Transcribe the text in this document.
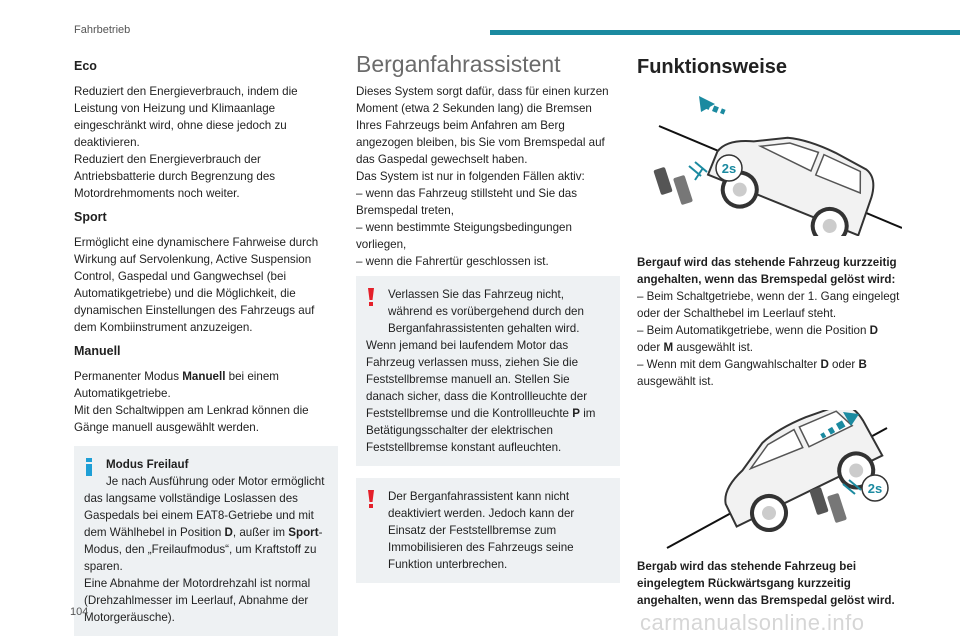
Fahrbetrieb
Eco

Reduziert den Energieverbrauch, indem die Leistung von Heizung und Klimaanlage eingeschränkt wird, ohne diese jedoch zu deaktivieren.

Reduziert den Energieverbrauch der Antriebsbatterie durch Begrenzung des Motordrehmoments noch weiter.

Sport

Ermöglicht eine dynamischere Fahrweise durch Wirkung auf Servolenkung, Active Suspension Control, Gaspedal und Gangwechsel (bei Automatikgetriebe) und die Möglichkeit, die dynamischen Einstellungen des Fahrzeugs auf dem Kombiinstrument anzuzeigen.

Manuell

Permanenter Modus Manuell bei einem Automatikgetriebe.

Mit den Schaltwippen am Lenkrad können die Gänge manuell ausgewählt werden.

Modus Freilauf
Je nach Ausführung oder Motor ermöglicht das langsame vollständige Loslassen des Gaspedals bei einem EAT8-Getriebe und mit dem Wählhebel in Position D, außer im Sport-Modus, den „Freilaufmodus“, um Kraftstoff zu sparen.
Eine Abnahme der Motordrehzahl ist normal (Drehzahlmesser im Leerlauf, Abnahme der Motorgeräusche).
Berganfahrassistent

Dieses System sorgt dafür, dass für einen kurzen Moment (etwa 2 Sekunden lang) die Bremsen Ihres Fahrzeugs beim Anfahren am Berg angezogen bleiben, bis Sie vom Bremspedal auf das Gaspedal gewechselt haben.

Das System ist nur in folgenden Fällen aktiv:

– wenn das Fahrzeug stillsteht und Sie das Bremspedal treten,
– wenn bestimmte Steigungsbedingungen vorliegen,
– wenn die Fahrertür geschlossen ist.
Verlassen Sie das Fahrzeug nicht, während es vorübergehend durch den Berganfahrassistenten gehalten wird. Wenn jemand bei laufendem Motor das Fahrzeug verlassen muss, ziehen Sie die Feststellbremse manuell an. Stellen Sie danach sicher, dass die Kontrollleuchte der Feststellbremse und die Kontrollleuchte P im Betätigungsschalter der elektrischen Feststellbremse konstant aufleuchten.
Der Berganfahrassistent kann nicht deaktiviert werden. Jedoch kann der Einsatz der Feststellbremse zum Immobilisieren des Fahrzeugs seine Funktion unterbrechen.
Funktionsweise
2s

Bergauf wird das stehende Fahrzeug kurzzeitig angehalten, wenn das Bremspedal gelöst wird:

– Beim Schaltgetriebe, wenn der 1. Gang eingelegt oder der Schalthebel im Leerlauf steht.
– Beim Automatikgetriebe, wenn die Position D oder M ausgewählt ist.
– Wenn mit dem Gangwahlschalter D oder B ausgewählt ist.
2s

Bergab wird das stehende Fahrzeug bei eingelegtem Rückwärtsgang kurzzeitig angehalten, wenn das Bremspedal gelöst wird.

104	carmanualsonline.info
